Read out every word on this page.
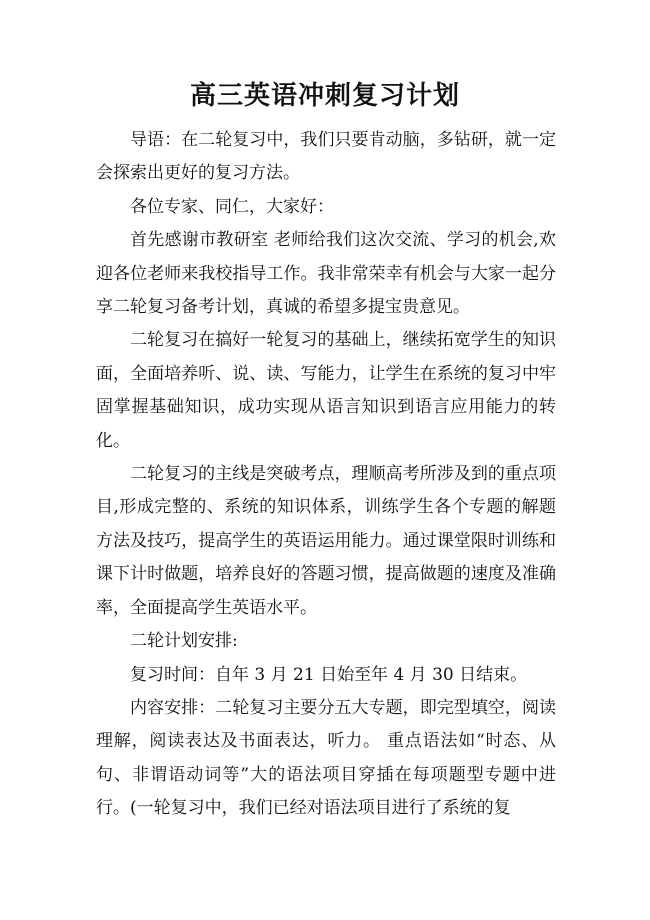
高三英语冲刺复习计划

导语：在二轮复习中，我们只要肯动脑，多钻研，就一定会探索出更好的复习方法。

各位专家、同仁，大家好：

首先感谢市教研室 老师给我们这次交流、学习的机会,欢迎各位老师来我校指导工作。我非常荣幸有机会与大家一起分享二轮复习备考计划，真诚的希望多提宝贵意见。

二轮复习在搞好一轮复习的基础上，继续拓宽学生的知识面，全面培养听、说、读、写能力，让学生在系统的复习中牢固掌握基础知识，成功实现从语言知识到语言应用能力的转化。

二轮复习的主线是突破考点，理顺高考所涉及到的重点项目,形成完整的、系统的知识体系，训练学生各个专题的解题方法及技巧，提高学生的英语运用能力。通过课堂限时训练和课下计时做题，培养良好的答题习惯，提高做题的速度及准确率，全面提高学生英语水平。

二轮计划安排:

复习时间：自年 3 月 21 日始至年 4 月 30 日结束。

内容安排：二轮复习主要分五大专题，即完型填空，阅读理解，阅读表达及书面表达，听力。 重点语法如“时态、从句、非谓语动词等”大的语法项目穿插在每项题型专题中进行。(一轮复习中，我们已经对语法项目进行了系统的复
